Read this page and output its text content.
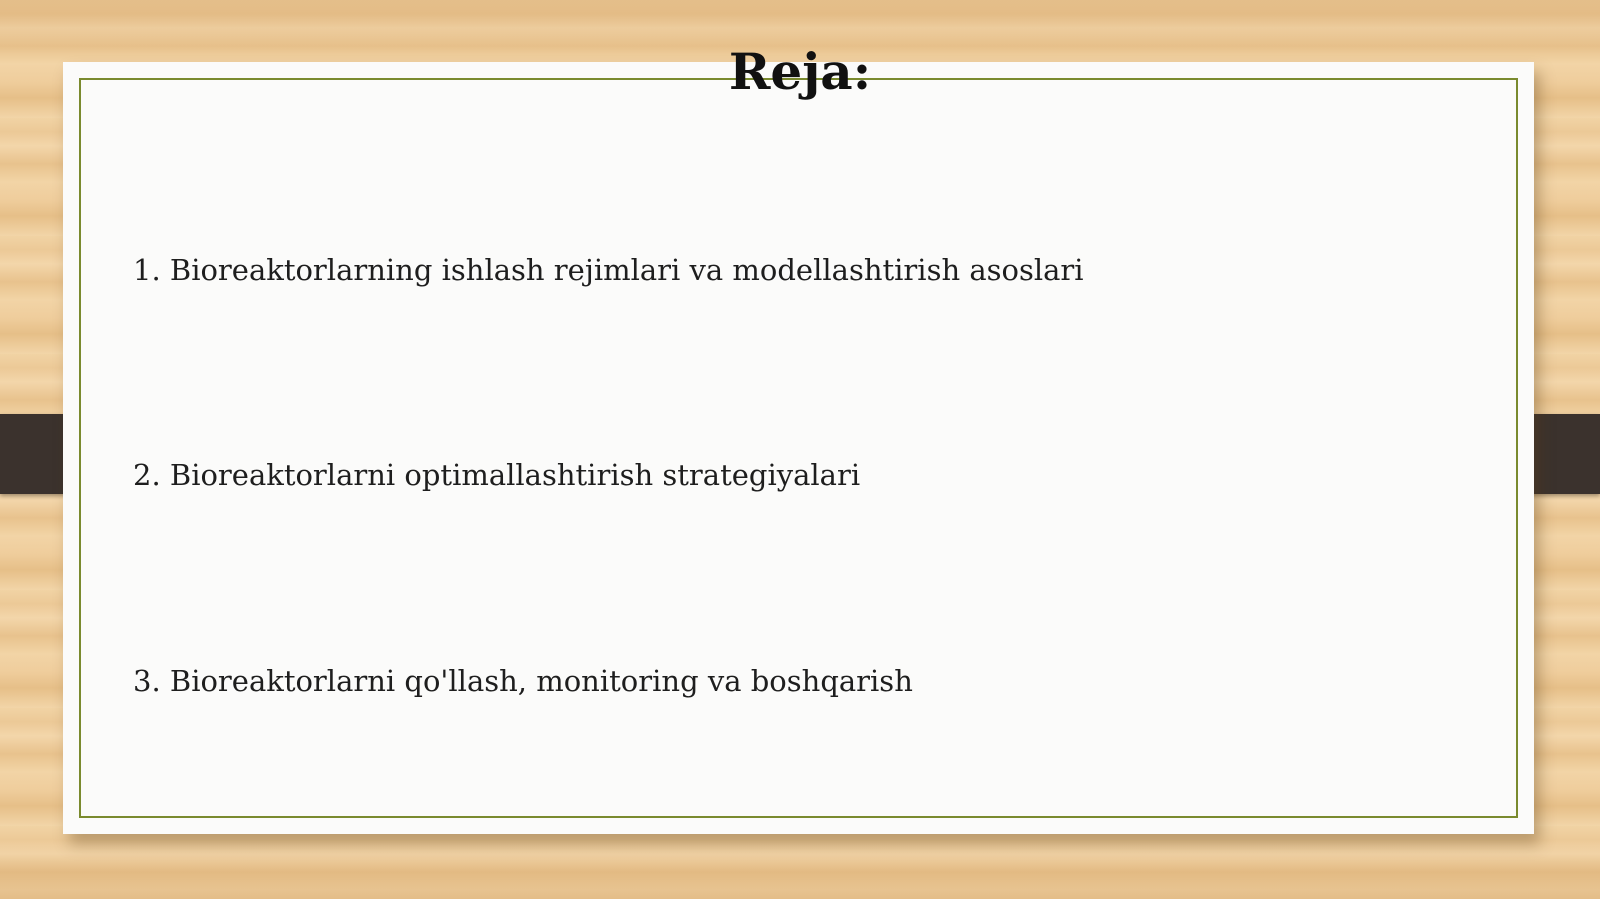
Reja:
1. Bioreaktorlarning ishlash rejimlari va modellashtirish asoslari
2. Bioreaktorlarni optimallashtirish strategiyalari
3. Bioreaktorlarni qo'llash, monitoring va boshqarish
